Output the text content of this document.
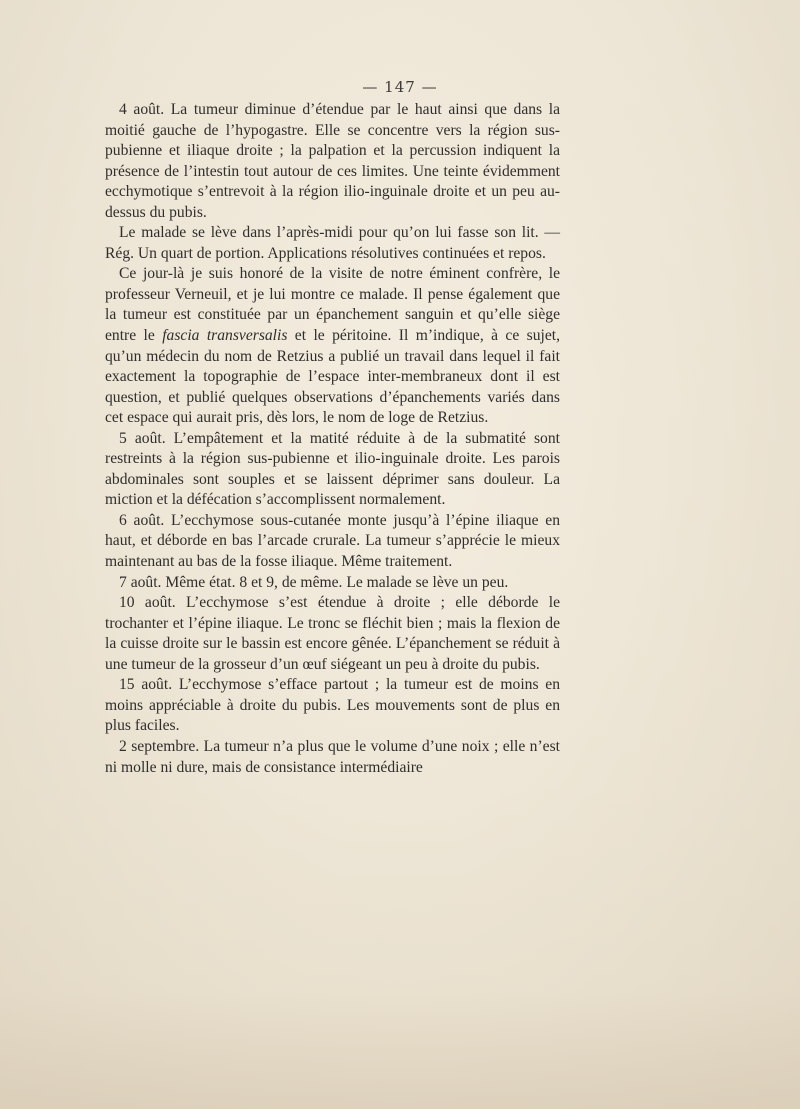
— 147 —

4 août. La tumeur diminue d’étendue par le haut ainsi que dans la moitié gauche de l’hypogastre. Elle se concentre vers la région sus-pubienne et iliaque droite ; la palpation et la percussion indiquent la présence de l’intestin tout autour de ces limites. Une teinte évidemment ecchymotique s’entrevoit à la région ilio-inguinale droite et un peu au-dessus du pubis.

Le malade se lève dans l’après-midi pour qu’on lui fasse son lit. — Rég. Un quart de portion. Applications résolutives continuées et repos.

Ce jour-là je suis honoré de la visite de notre éminent confrère, le professeur Verneuil, et je lui montre ce malade. Il pense également que la tumeur est constituée par un épanchement sanguin et qu’elle siège entre le fascia transversalis et le péritoine. Il m’indique, à ce sujet, qu’un médecin du nom de Retzius a publié un travail dans lequel il fait exactement la topographie de l’espace inter-membraneux dont il est question, et publié quelques observations d’épanchements variés dans cet espace qui aurait pris, dès lors, le nom de loge de Retzius.

5 août. L’empâtement et la matité réduite à de la submatité sont restreints à la région sus-pubienne et ilio-inguinale droite. Les parois abdominales sont souples et se laissent déprimer sans douleur. La miction et la défécation s’accomplissent normalement.

6 août. L’ecchymose sous-cutanée monte jusqu’à l’épine iliaque en haut, et déborde en bas l’arcade crurale. La tumeur s’apprécie le mieux maintenant au bas de la fosse iliaque. Même traitement.

7 août. Même état. 8 et 9, de même. Le malade se lève un peu.

10 août. L’ecchymose s’est étendue à droite ; elle déborde le trochanter et l’épine iliaque. Le tronc se fléchit bien ; mais la flexion de la cuisse droite sur le bassin est encore gênée. L’épanchement se réduit à une tumeur de la grosseur d’un œuf siégeant un peu à droite du pubis.

15 août. L’ecchymose s’efface partout ; la tumeur est de moins en moins appréciable à droite du pubis. Les mouvements sont de plus en plus faciles.

2 septembre. La tumeur n’a plus que le volume d’une noix ; elle n’est ni molle ni dure, mais de consistance intermédiaire
